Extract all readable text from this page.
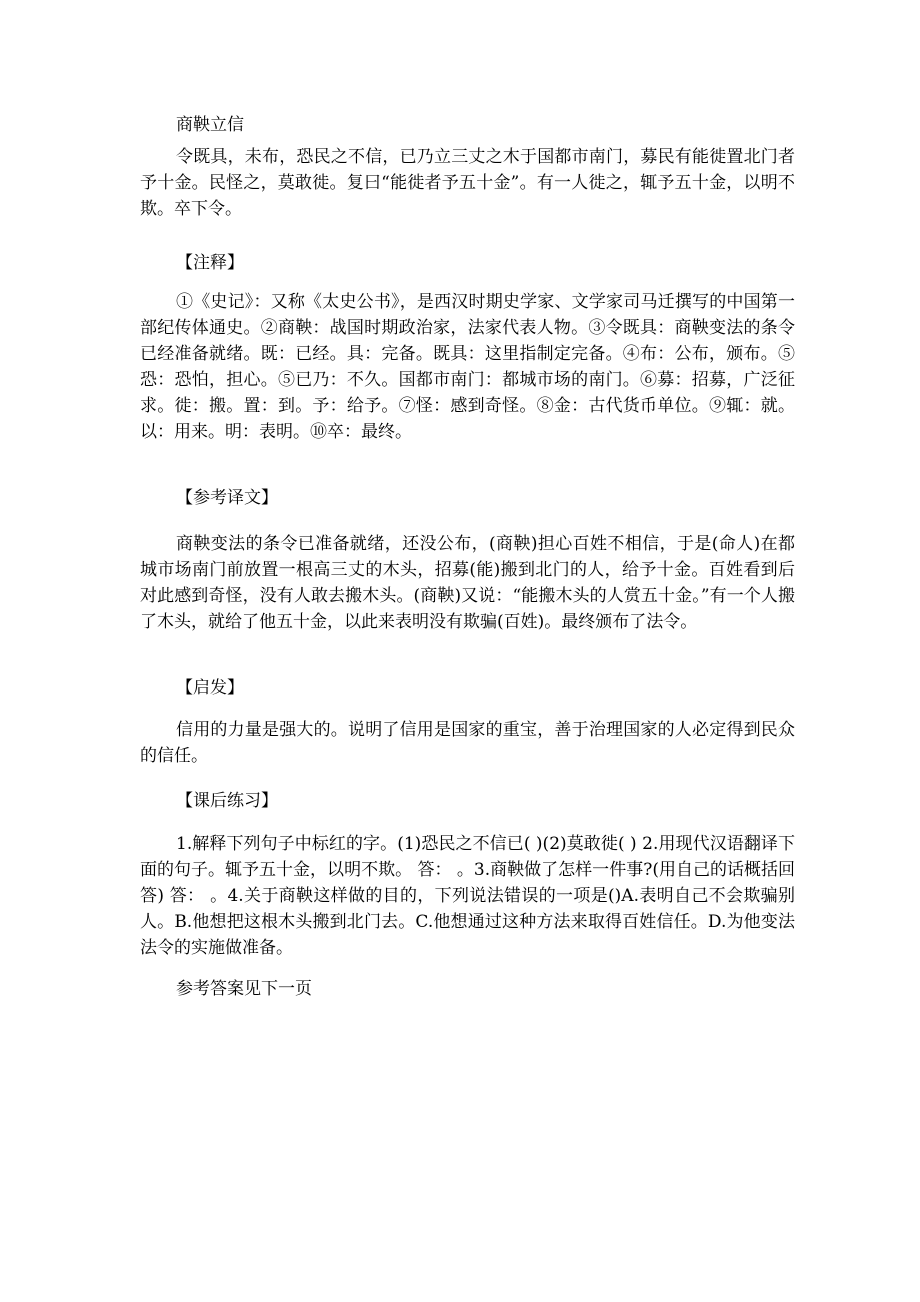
商鞅立信

令既具，未布，恐民之不信，已乃立三丈之木于国都市南门，募民有能徙置北门者予十金。民怪之，莫敢徙。复曰“能徙者予五十金”。有一人徙之，辄予五十金，以明不欺。卒下令。

【注释】

①《史记》：又称《太史公书》，是西汉时期史学家、文学家司马迁撰写的中国第一部纪传体通史。②商鞅：战国时期政治家，法家代表人物。③令既具：商鞅变法的条令已经准备就绪。既：已经。具：完备。既具：这里指制定完备。④布：公布，颁布。⑤恐：恐怕，担心。⑤已乃：不久。国都市南门：都城市场的南门。⑥募：招募，广泛征求。徙：搬。置：到。予：给予。⑦怪：感到奇怪。⑧金：古代货币单位。⑨辄：就。以：用来。明：表明。⑩卒：最终。

【参考译文】

商鞅变法的条令已准备就绪，还没公布，(商鞅)担心百姓不相信，于是(命人)在都城市场南门前放置一根高三丈的木头，招募(能)搬到北门的人，给予十金。百姓看到后对此感到奇怪，没有人敢去搬木头。(商鞅)又说：“能搬木头的人赏五十金。”有一个人搬了木头，就给了他五十金，以此来表明没有欺骗(百姓)。最终颁布了法令。

【启发】

信用的力量是强大的。说明了信用是国家的重宝，善于治理国家的人必定得到民众的信任。

【课后练习】

1.解释下列句子中标红的字。(1)恐民之不信已( )(2)莫敢徙( ) 2.用现代汉语翻译下面的句子。辄予五十金，以明不欺。 答： 。3.商鞅做了怎样一件事?(用自己的话概括回答) 答： 。4.关于商鞅这样做的目的，下列说法错误的一项是()A.表明自己不会欺骗别人。B.他想把这根木头搬到北门去。C.他想通过这种方法来取得百姓信任。D.为他变法法令的实施做准备。

参考答案见下一页
